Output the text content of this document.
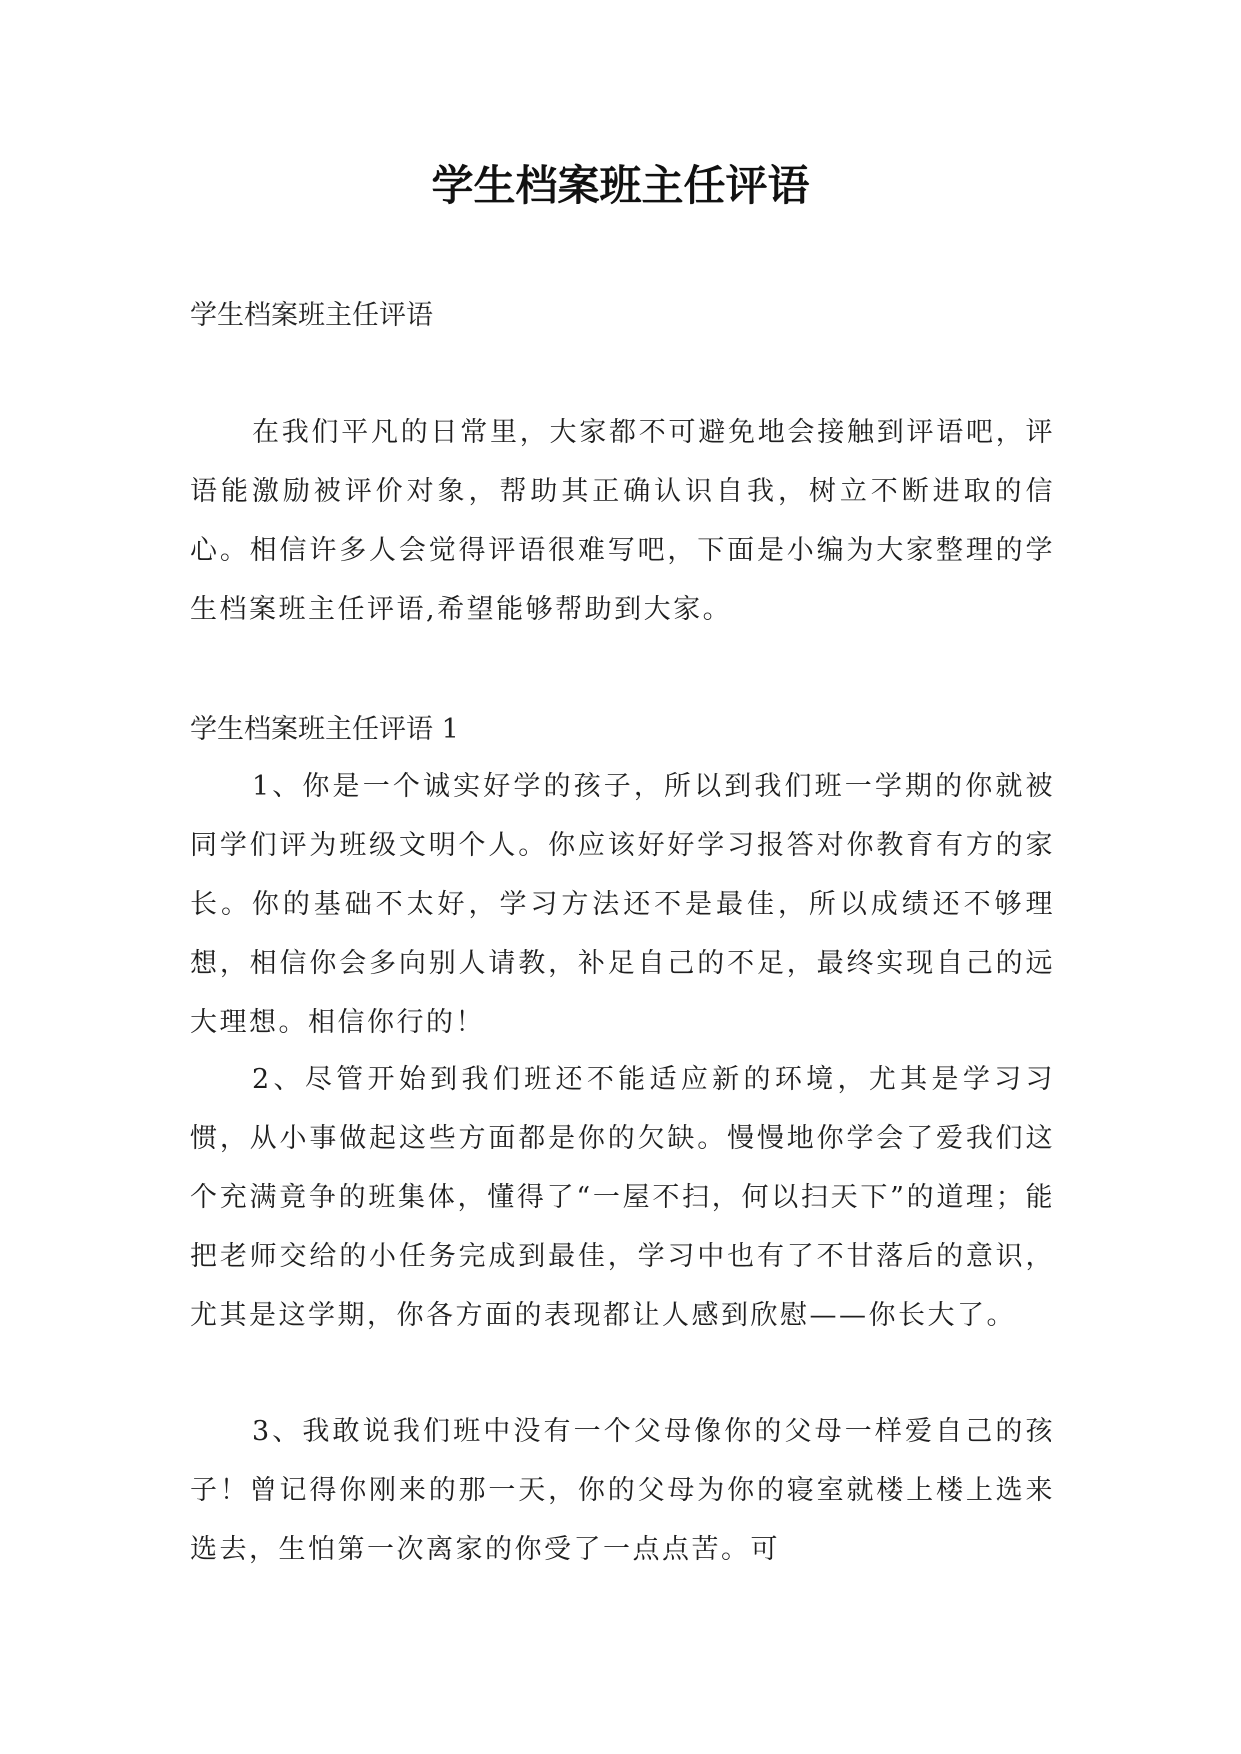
学生档案班主任评语

学生档案班主任评语

在我们平凡的日常里，大家都不可避免地会接触到评语吧，评语能激励被评价对象，帮助其正确认识自我，树立不断进取的信心。相信许多人会觉得评语很难写吧，下面是小编为大家整理的学生档案班主任评语,希望能够帮助到大家。

学生档案班主任评语 1

1、你是一个诚实好学的孩子，所以到我们班一学期的你就被同学们评为班级文明个人。你应该好好学习报答对你教育有方的家长。你的基础不太好，学习方法还不是最佳，所以成绩还不够理想，相信你会多向别人请教，补足自己的不足，最终实现自己的远大理想。相信你行的！

2、尽管开始到我们班还不能适应新的环境，尤其是学习习惯，从小事做起这些方面都是你的欠缺。慢慢地你学会了爱我们这个充满竟争的班集体，懂得了“一屋不扫，何以扫天下”的道理；能把老师交给的小任务完成到最佳，学习中也有了不甘落后的意识，尤其是这学期，你各方面的表现都让人感到欣慰——你长大了。

3、我敢说我们班中没有一个父母像你的父母一样爱自己的孩子！曾记得你刚来的那一天，你的父母为你的寝室就楼上楼上选来选去，生怕第一次离家的你受了一点点苦。可
